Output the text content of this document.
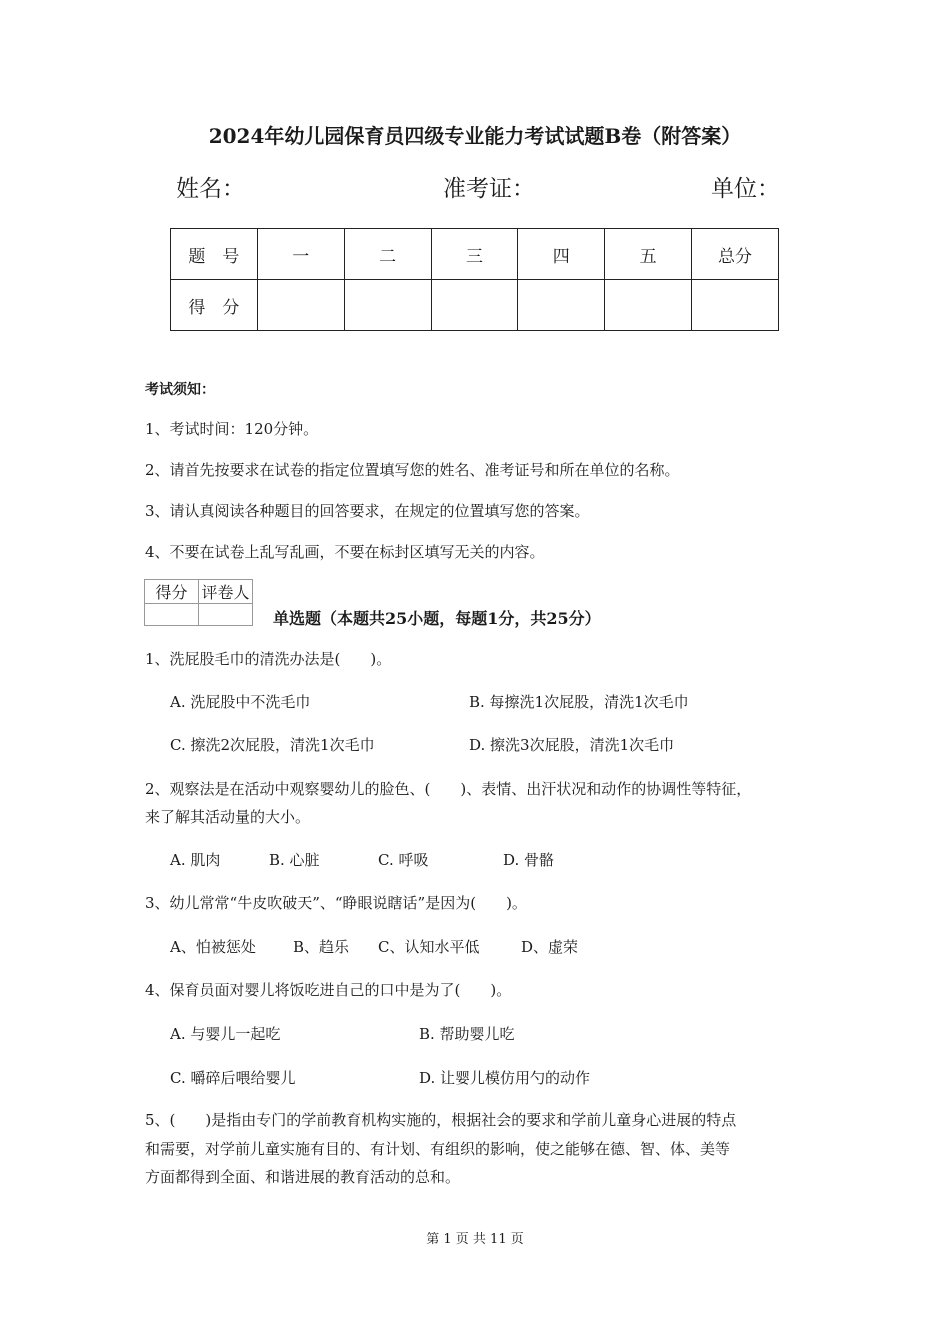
2024年幼儿园保育员四级专业能力考试试题B卷（附答案）
姓名：	准考证：	单位：
题　号	一	二	三	四	五	总分
得　分						
考试须知：
1、考试时间：120分钟。
2、请首先按要求在试卷的指定位置填写您的姓名、准考证号和所在单位的名称。
3、请认真阅读各种题目的回答要求，在规定的位置填写您的答案。
4、不要在试卷上乱写乱画，不要在标封区填写无关的内容。
得分	评卷人

单选题（本题共25小题，每题1分，共25分）
1、洗屁股毛巾的清洗办法是(　　)。
A. 洗屁股中不洗毛巾	B. 每擦洗1次屁股，清洗1次毛巾
C. 擦洗2次屁股，清洗1次毛巾	D. 擦洗3次屁股，清洗1次毛巾
2、观察法是在活动中观察婴幼儿的脸色、(　　)、表情、出汗状况和动作的协调性等特征，
来了解其活动量的大小。
A. 肌肉	B. 心脏	C. 呼吸	D. 骨骼
3、幼儿常常“牛皮吹破天”、“睁眼说瞎话”是因为(　　)。
A、怕被惩处 B、趋乐 C、认知水平低	D、虚荣
4、保育员面对婴儿将饭吃进自己的口中是为了(　　)。
A. 与婴儿一起吃	B. 帮助婴儿吃
C. 嚼碎后喂给婴儿	D. 让婴儿模仿用勺的动作
5、(　　)是指由专门的学前教育机构实施的，根据社会的要求和学前儿童身心进展的特点
和需要，对学前儿童实施有目的、有计划、有组织的影响，使之能够在德、智、体、美等
方面都得到全面、和谐进展的教育活动的总和。
第 1 页 共 11 页
